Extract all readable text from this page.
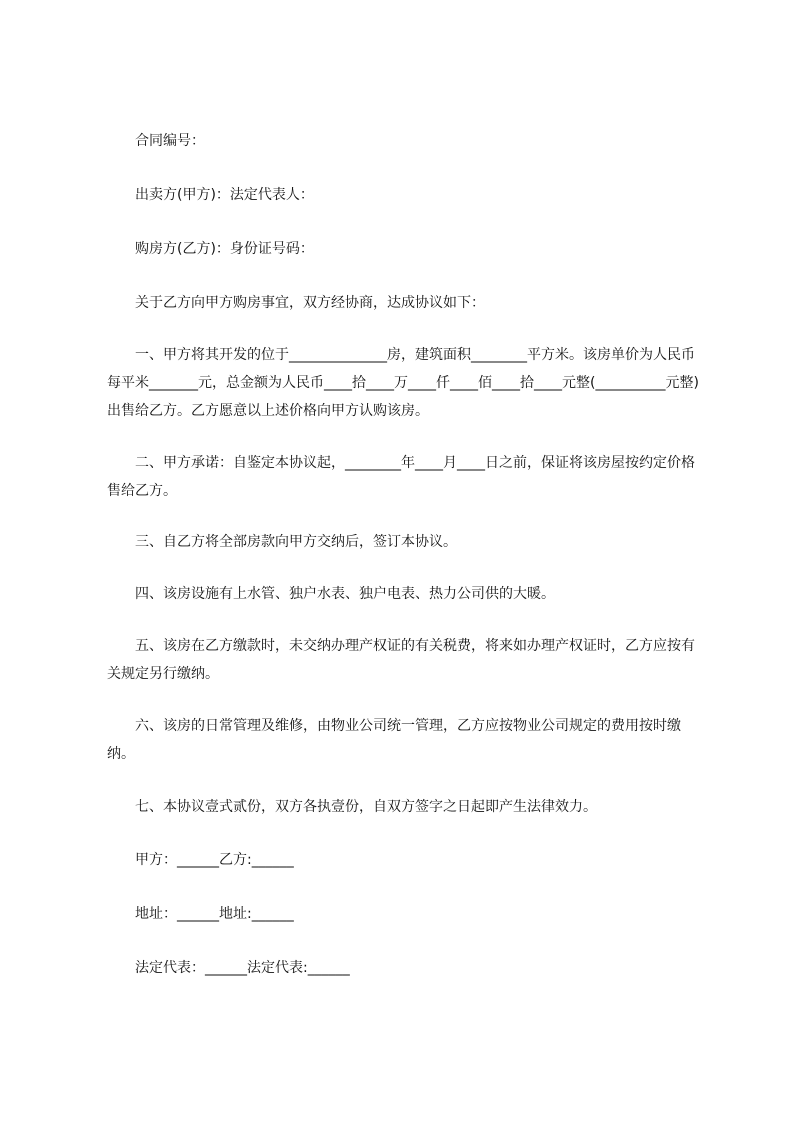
合同编号：

出卖方(甲方)：法定代表人：

购房方(乙方)：身份证号码：

关于乙方向甲方购房事宜，双方经协商，达成协议如下：

一、甲方将其开发的位于______________房，建筑面积________平方米。该房单价为人民币每平米_______元，总金额为人民币____拾____万____仟____佰____拾____元整(__________元整)出售给乙方。乙方愿意以上述价格向甲方认购该房。

二、甲方承诺：自鉴定本协议起，________年____月____日之前，保证将该房屋按约定价格售给乙方。

三、自乙方将全部房款向甲方交纳后，签订本协议。

四、该房设施有上水管、独户水表、独户电表、热力公司供的大暖。

五、该房在乙方缴款时，未交纳办理产权证的有关税费，将来如办理产权证时，乙方应按有关规定另行缴纳。

六、该房的日常管理及维修，由物业公司统一管理，乙方应按物业公司规定的费用按时缴纳。

七、本协议壹式贰份，双方各执壹份，自双方签字之日起即产生法律效力。

甲方：______乙方:______

地址：______地址:______

法定代表：______法定代表:______
